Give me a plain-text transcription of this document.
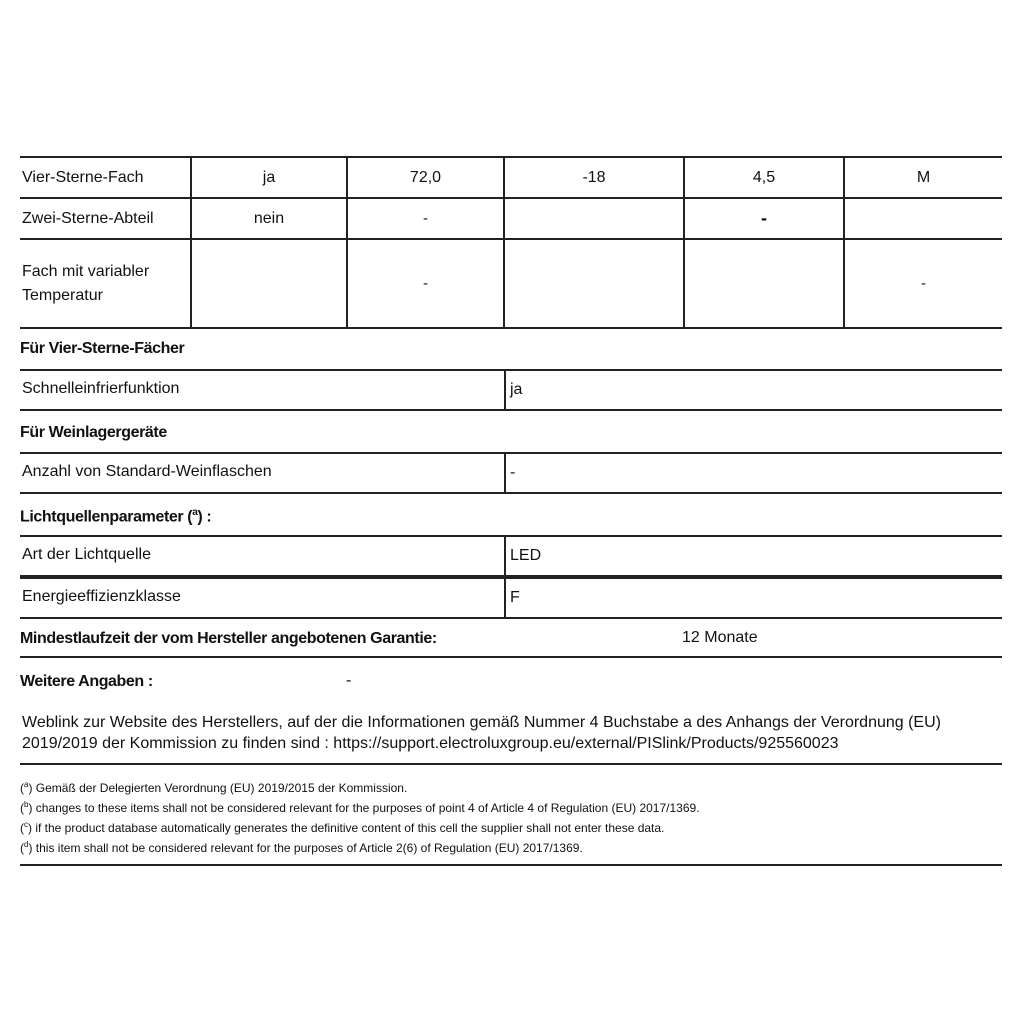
Vier-Sterne-Fach	ja	72,0	-18	4,5	M
Zwei-Sterne-Abteil	nein	-		-	
Fach mit variabler
Temperatur		-			-
Für Vier-Sterne-Fächer
Schnelleinfrierfunktion	ja
Für Weinlagergeräte
Anzahl von Standard-Weinflaschen	-
Lichtquellenparameter ($^a$) :
Art der Lichtquelle	LED
Energieeffizienzklasse	F
Mindestlaufzeit der vom Hersteller angebotenen Garantie:	12 Monate
Weitere Angaben :	-
Weblink zur Website des Herstellers, auf der die Informationen gemäß Nummer 4 Buchstabe a des Anhangs der Verordnung (EU) 2019/2019 der Kommission zu finden sind : https://support.electroluxgroup.eu/external/PISlink/Products/925560023
($^a$) Gemäß der Delegierten Verordnung (EU) 2019/2015 der Kommission.
($^b$) changes to these items shall not be considered relevant for the purposes of point 4 of Article 4 of Regulation (EU) 2017/1369.
($^c$) if the product database automatically generates the definitive content of this cell the supplier shall not enter these data.
($^d$) this item shall not be considered relevant for the purposes of Article 2(6) of Regulation (EU) 2017/1369.
